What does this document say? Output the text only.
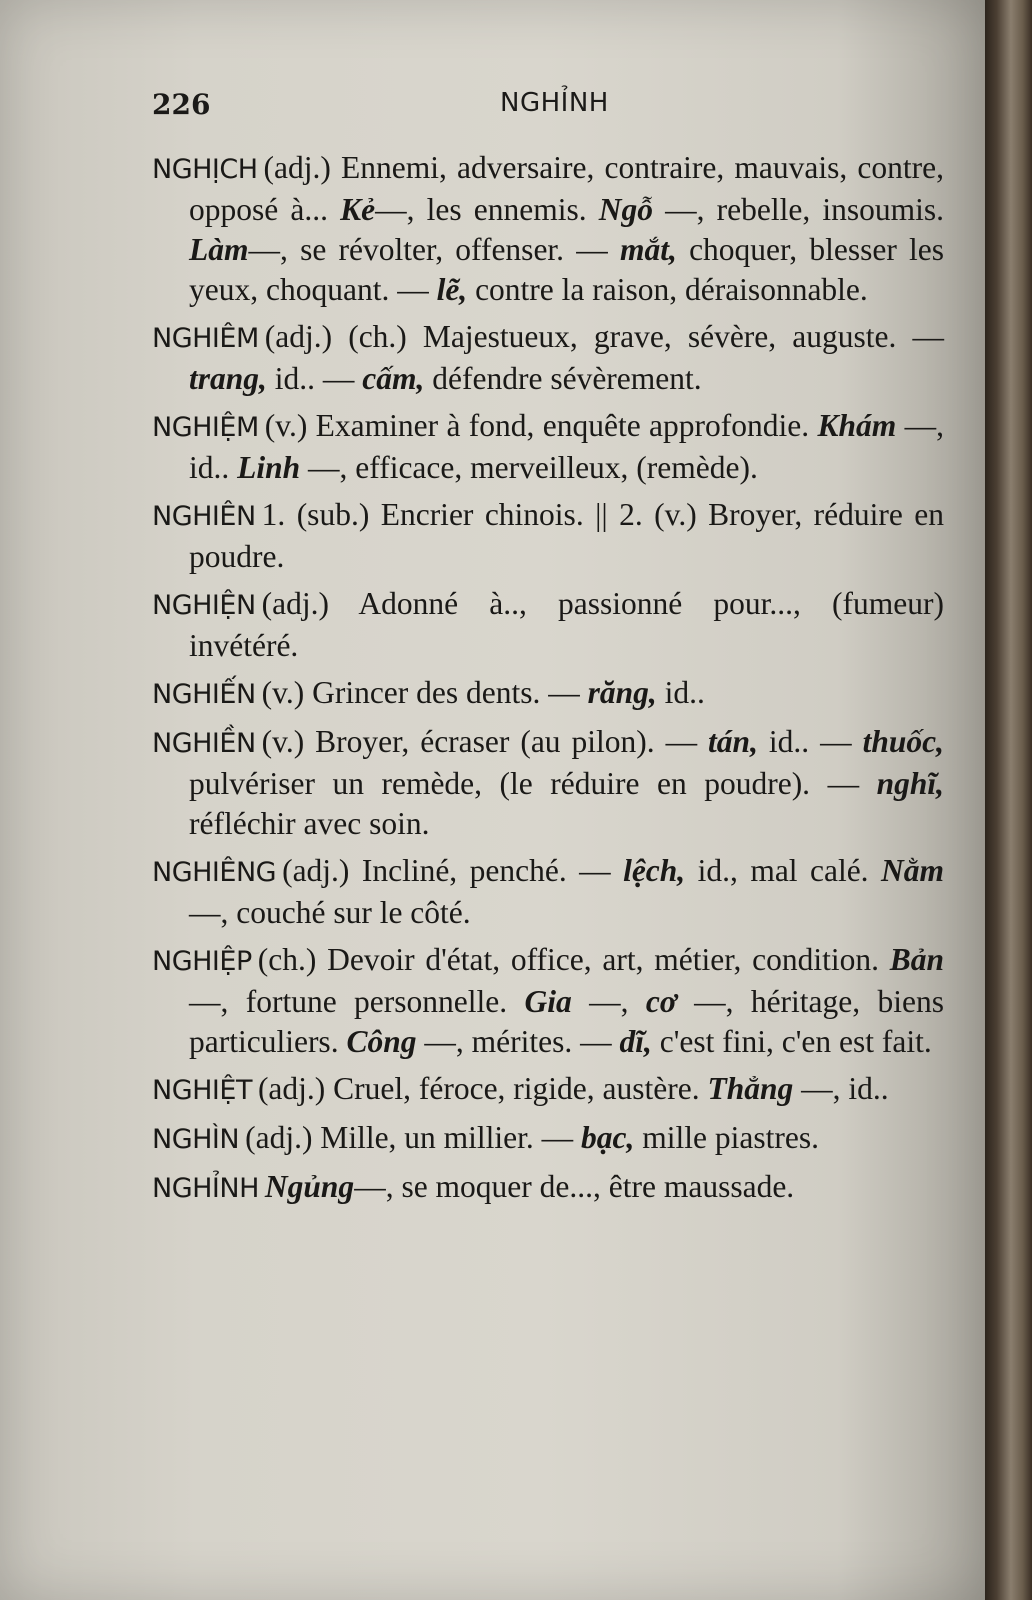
226	NGHỈNH
NGHỊCH (adj.) Ennemi, adversaire, contraire, mauvais, contre, opposé à... Kẻ—, les ennemis. Ngỗ —, rebelle, insoumis. Làm—, se révolter, offenser. — mắt, choquer, blesser les yeux, choquant. — lẽ, contre la raison, déraisonnable.
NGHIÊM (adj.) (ch.) Majestueux, grave, sévère, auguste. — trang, id.. — cấm, défendre sévèrement.
NGHIỆM (v.) Examiner à fond, enquête approfondie. Khám —, id.. Linh —, efficace, merveilleux, (remède).
NGHIÊN 1. (sub.) Encrier chinois. || 2. (v.) Broyer, réduire en poudre.
NGHIỆN (adj.) Adonné à.., passionné pour..., (fumeur) invétéré.
NGHIẾN (v.) Grincer des dents. — răng, id..
NGHIỀN (v.) Broyer, écraser (au pilon). — tán, id.. — thuốc, pulvériser un remède, (le réduire en poudre). — nghĩ, réfléchir avec soin.
NGHIÊNG (adj.) Incliné, penché. — lệch, id., mal calé. Nằm —, couché sur le côté.
NGHIỆP (ch.) Devoir d'état, office, art, métier, condition. Bản —, fortune personnelle. Gia —, cơ —, héritage, biens particuliers. Công —, mérites. — dĩ, c'est fini, c'en est fait.
NGHIỆT (adj.) Cruel, féroce, rigide, austère. Thẳng —, id..
NGHÌN (adj.) Mille, un millier. — bạc, mille piastres.
NGHỈNH Ngủng—, se moquer de..., être maussade.
